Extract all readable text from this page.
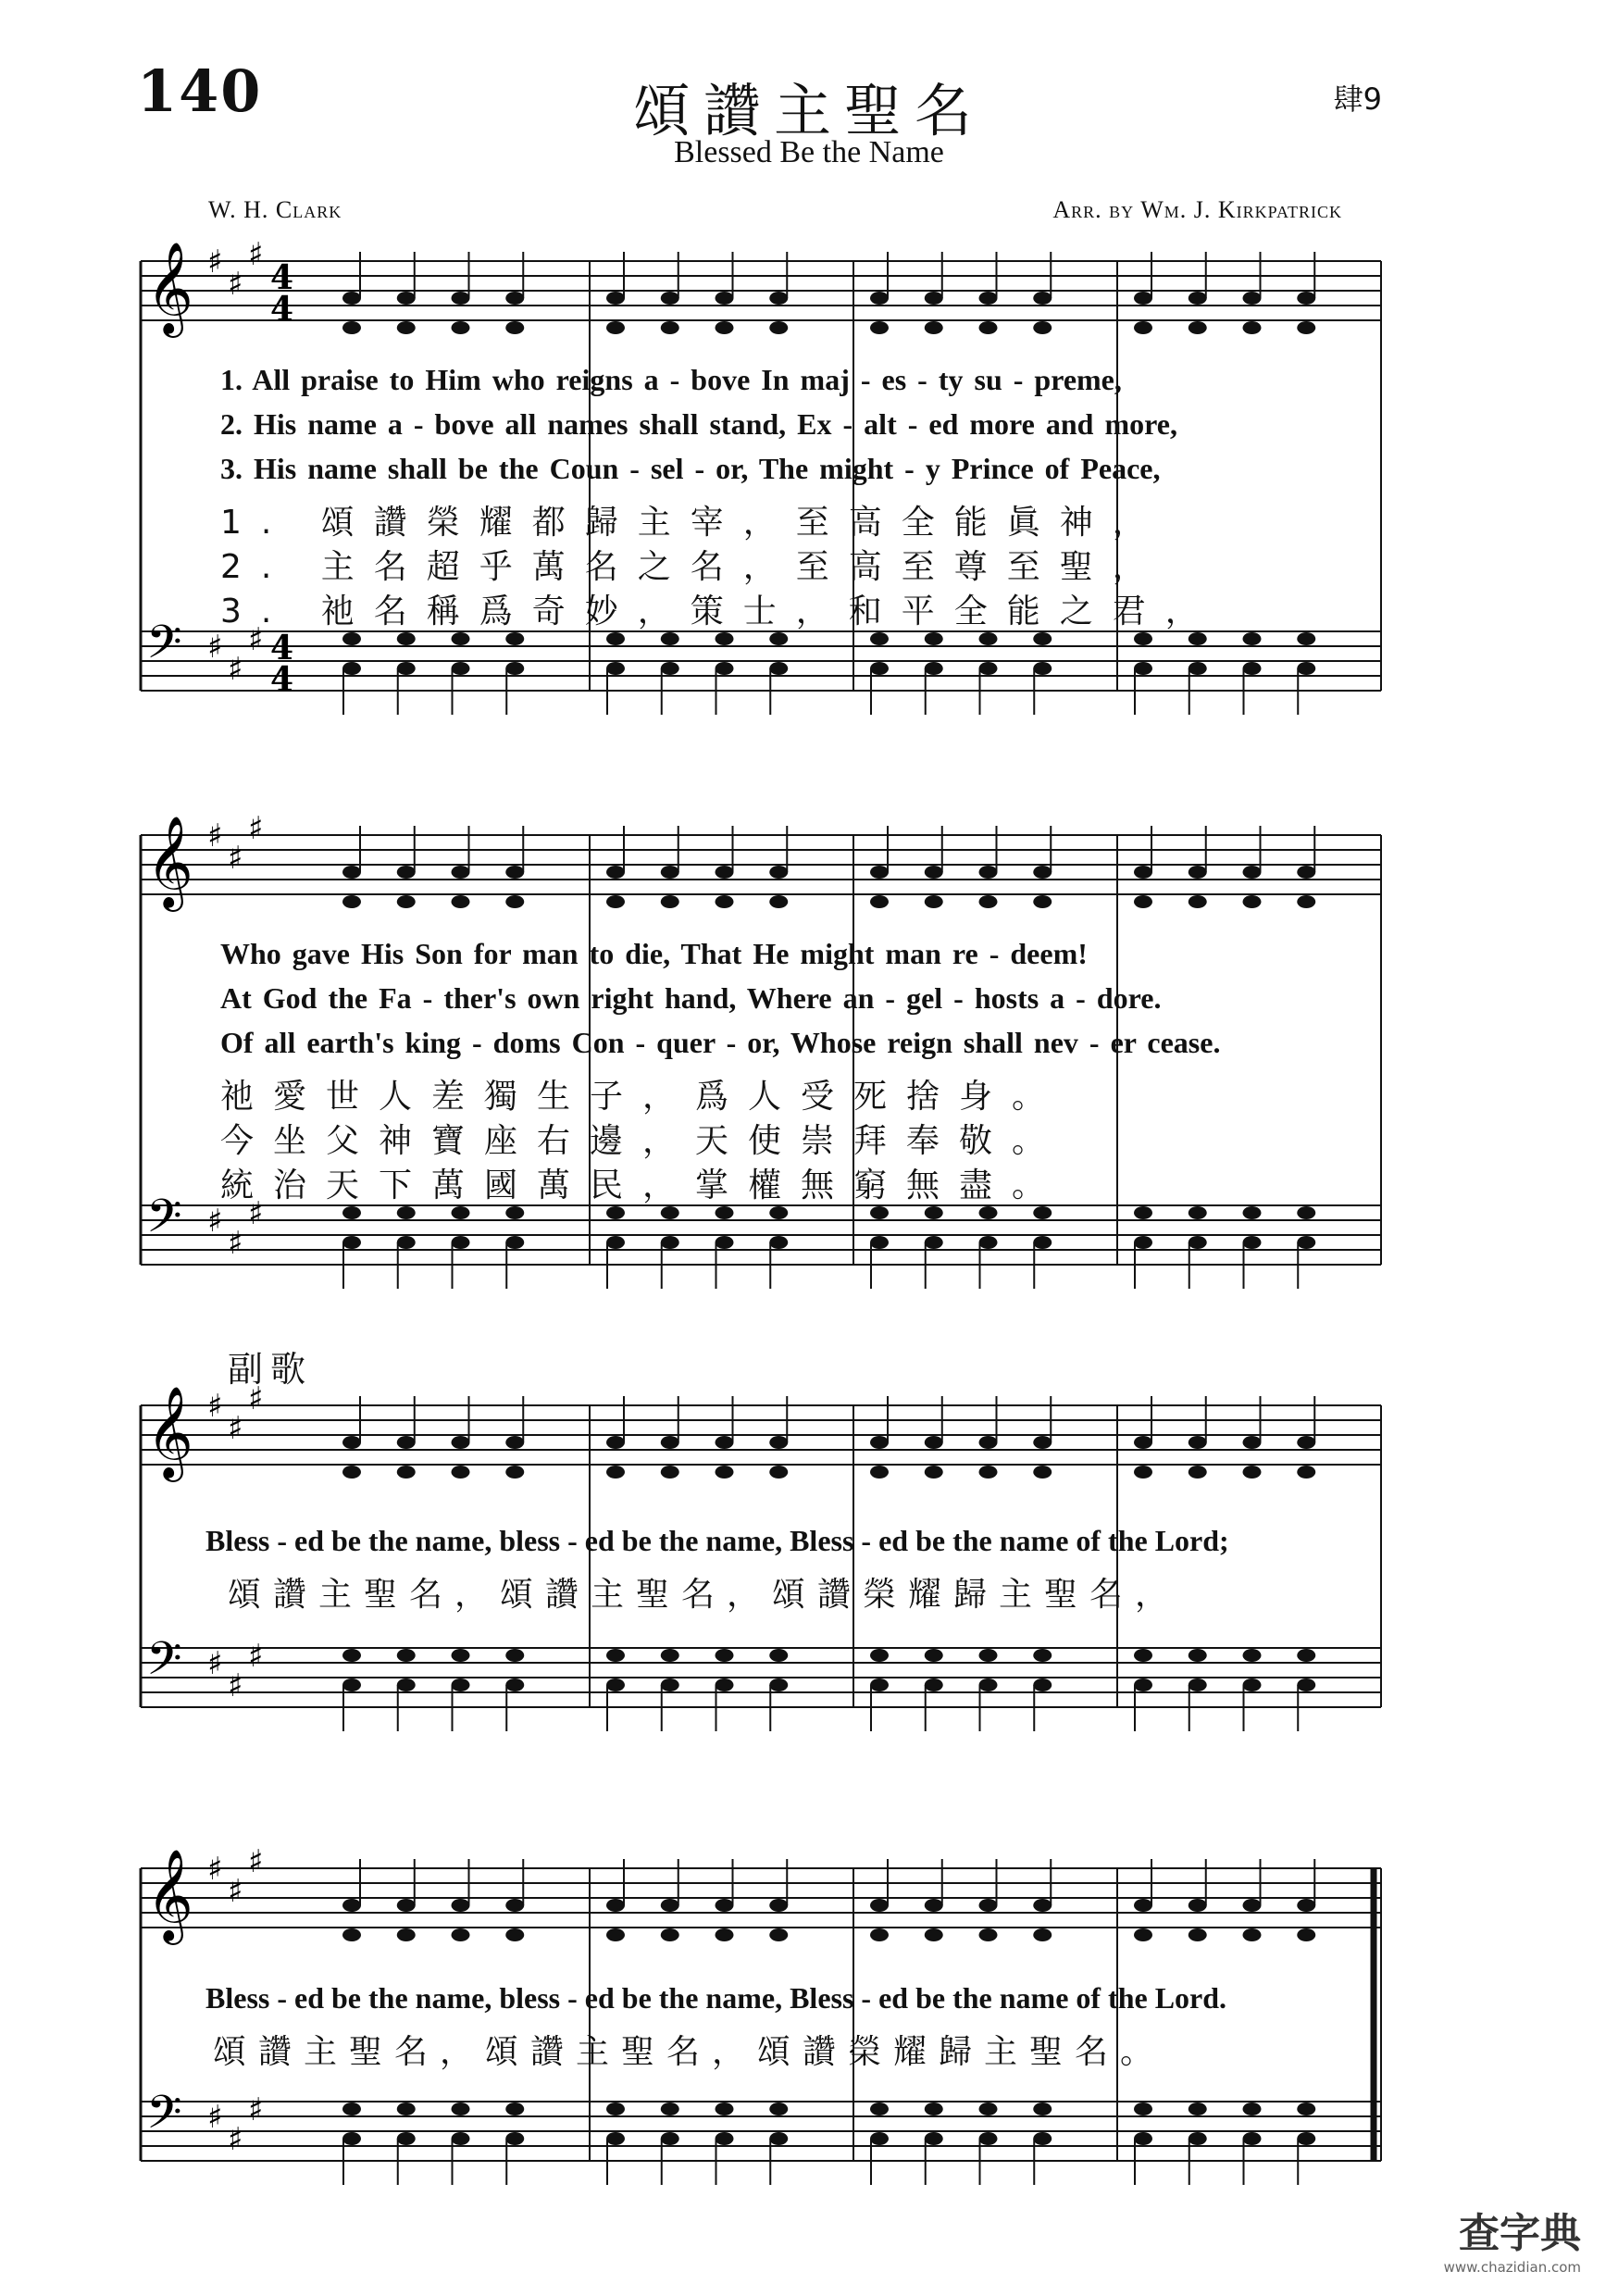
140	頌讚主聖名
Blessed Be the Name
肆9
W. H. Clark	Arr. by Wm. J. Kirkpatrick
𝄞 ♯
♯
♯
4
4
𝄢 ♯
♯
♯ 4
4
1. All praise to Him who reigns a - bove In maj - es - ty su - preme,
2. His name a - bove all names shall stand, Ex - alt - ed more and more,
3. His name shall be the Coun - sel - or, The might - y Prince of Peace,
1. 頌讚榮耀都歸主宰，至高全能眞神，
2. 主名超乎萬名之名，至高至尊至聖，
3. 祂名稱爲奇妙，策士，和平全能之君，
𝄞 ♯
♯
♯
𝄢 ♯
♯
♯
Who gave His Son for man to die, That He might man re - deem!
At God the Fa - ther's own right hand, Where an - gel - hosts a - dore.
Of all earth's king - doms Con - quer - or, Whose reign shall nev - er cease.
祂愛世人差獨生子，爲人受死捨身。
今坐父神寶座右邊，天使崇拜奉敬。
統治天下萬國萬民，掌權無窮無盡。
副歌
𝄞 ♯
♯
♯
𝄢 ♯
♯
♯
Bless - ed be the name, bless - ed be the name, Bless - ed be the name of the Lord;
頌讚主聖名，頌讚主聖名，頌讚榮耀歸主聖名，
𝄞 ♯
♯
♯
𝄢 ♯
♯
♯
Bless - ed be the name, bless - ed be the name, Bless - ed be the name of the Lord.
頌讚主聖名，頌讚主聖名，頌讚榮耀歸主聖名。
查字典
www.chazidian.com
